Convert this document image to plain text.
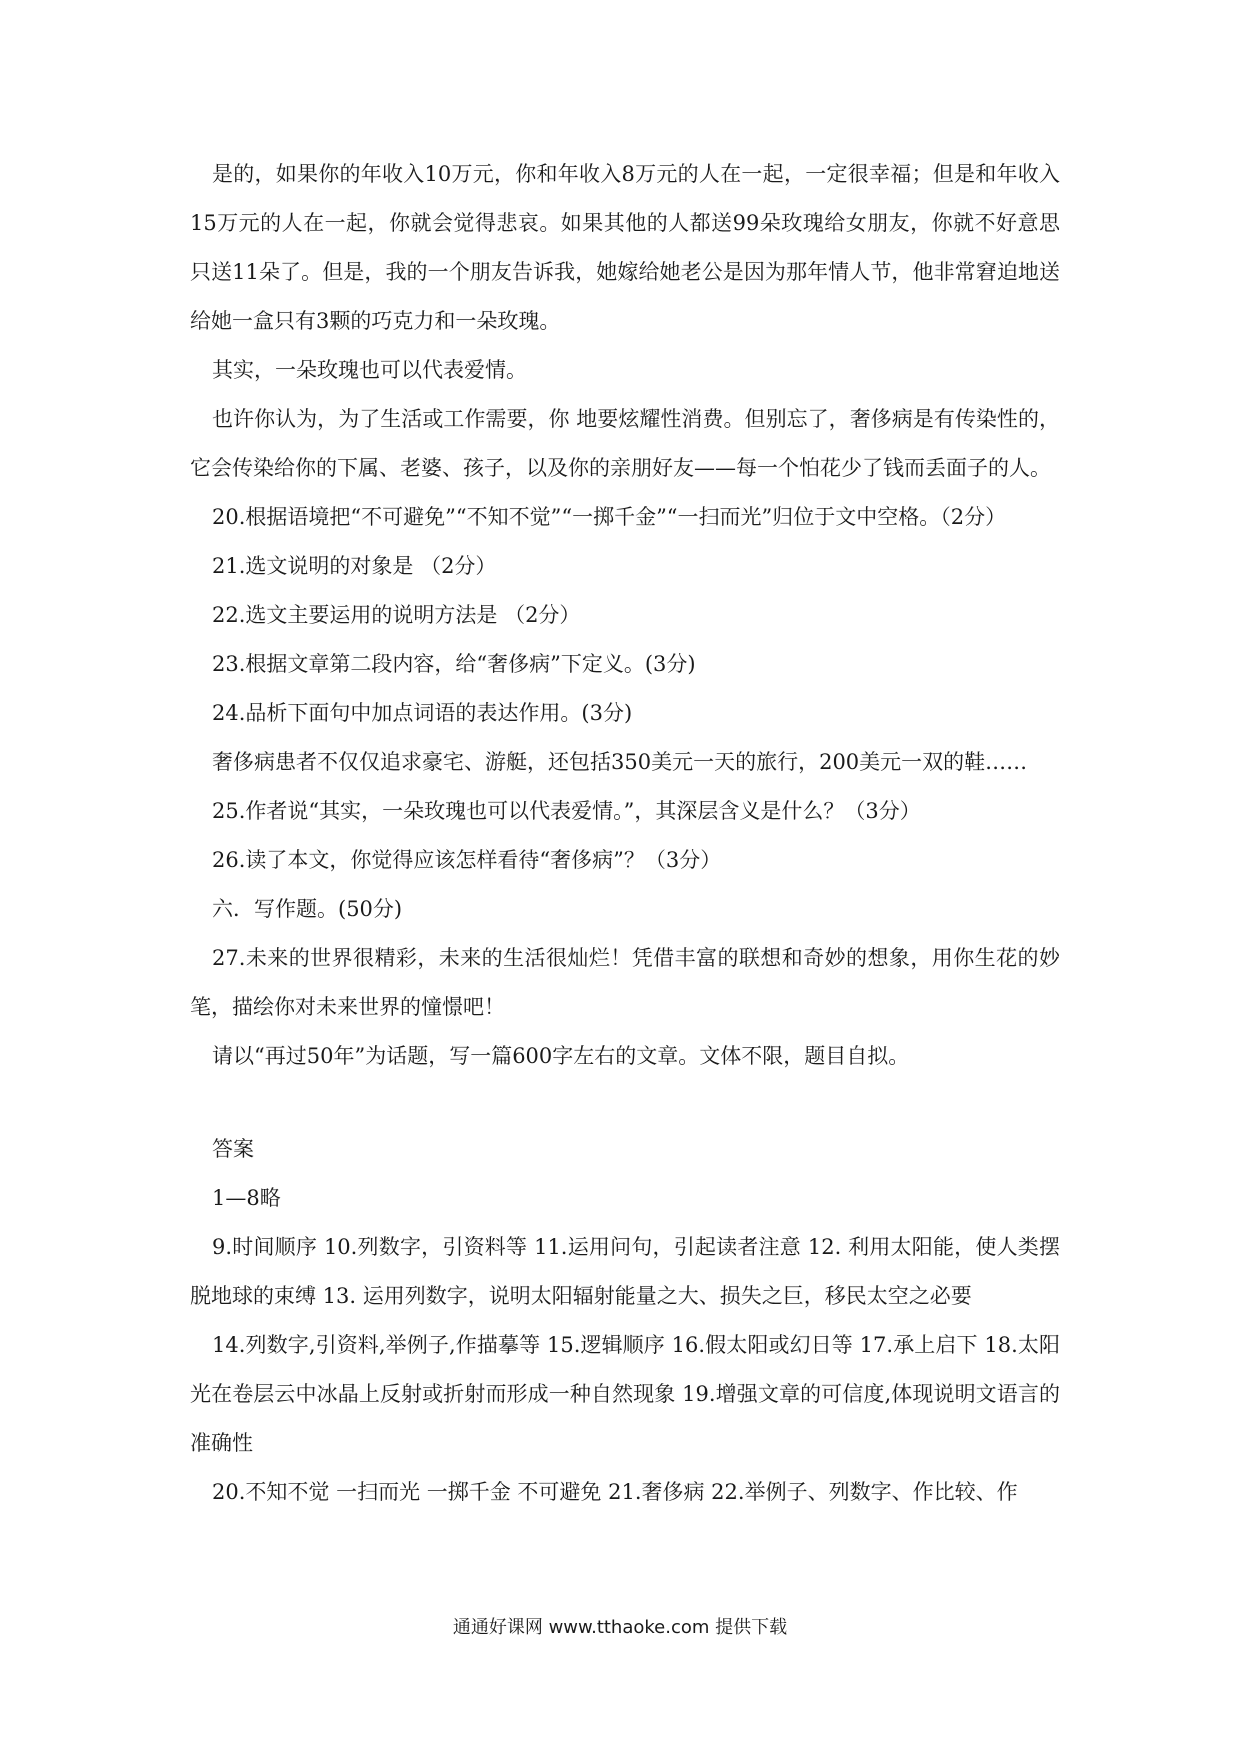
是的，如果你的年收入10万元，你和年收入8万元的人在一起，一定很幸福；但是和年收入15万元的人在一起，你就会觉得悲哀。如果其他的人都送99朵玫瑰给女朋友，你就不好意思只送11朵了。但是，我的一个朋友告诉我，她嫁给她老公是因为那年情人节，他非常窘迫地送给她一盒只有3颗的巧克力和一朵玫瑰。

其实，一朵玫瑰也可以代表爱情。

也许你认为，为了生活或工作需要，你 地要炫耀性消费。但别忘了，奢侈病是有传染性的，它会传染给你的下属、老婆、孩子，以及你的亲朋好友——每一个怕花少了钱而丢面子的人。

20.根据语境把“不可避免”“不知不觉”“一掷千金”“一扫而光”归位于文中空格。（2分）

21.选文说明的对象是 （2分）

22.选文主要运用的说明方法是 （2分）

23.根据文章第二段内容，给“奢侈病”下定义。(3分)

24.品析下面句中加点词语的表达作用。(3分)

奢侈病患者不仅仅追求豪宅、游艇，还包括350美元一天的旅行，200美元一双的鞋……

25.作者说“其实，一朵玫瑰也可以代表爱情。”，其深层含义是什么？（3分）

26.读了本文，你觉得应该怎样看待“奢侈病”？（3分）

六．写作题。(50分)

27.未来的世界很精彩，未来的生活很灿烂！凭借丰富的联想和奇妙的想象，用你生花的妙笔，描绘你对未来世界的憧憬吧！

请以“再过50年”为话题，写一篇600字左右的文章。文体不限，题目自拟。

答案

1—8略

9.时间顺序 10.列数字，引资料等 11.运用问句，引起读者注意 12. 利用太阳能，使人类摆脱地球的束缚 13. 运用列数字，说明太阳辐射能量之大、损失之巨，移民太空之必要

14.列数字,引资料,举例子,作描摹等 15.逻辑顺序 16.假太阳或幻日等 17.承上启下 18.太阳光在卷层云中冰晶上反射或折射而形成一种自然现象 19.增强文章的可信度,体现说明文语言的准确性

20.不知不觉 一扫而光 一掷千金 不可避免 21.奢侈病 22.举例子、列数字、作比较、作

通通好课网 www.tthaoke.com 提供下载
